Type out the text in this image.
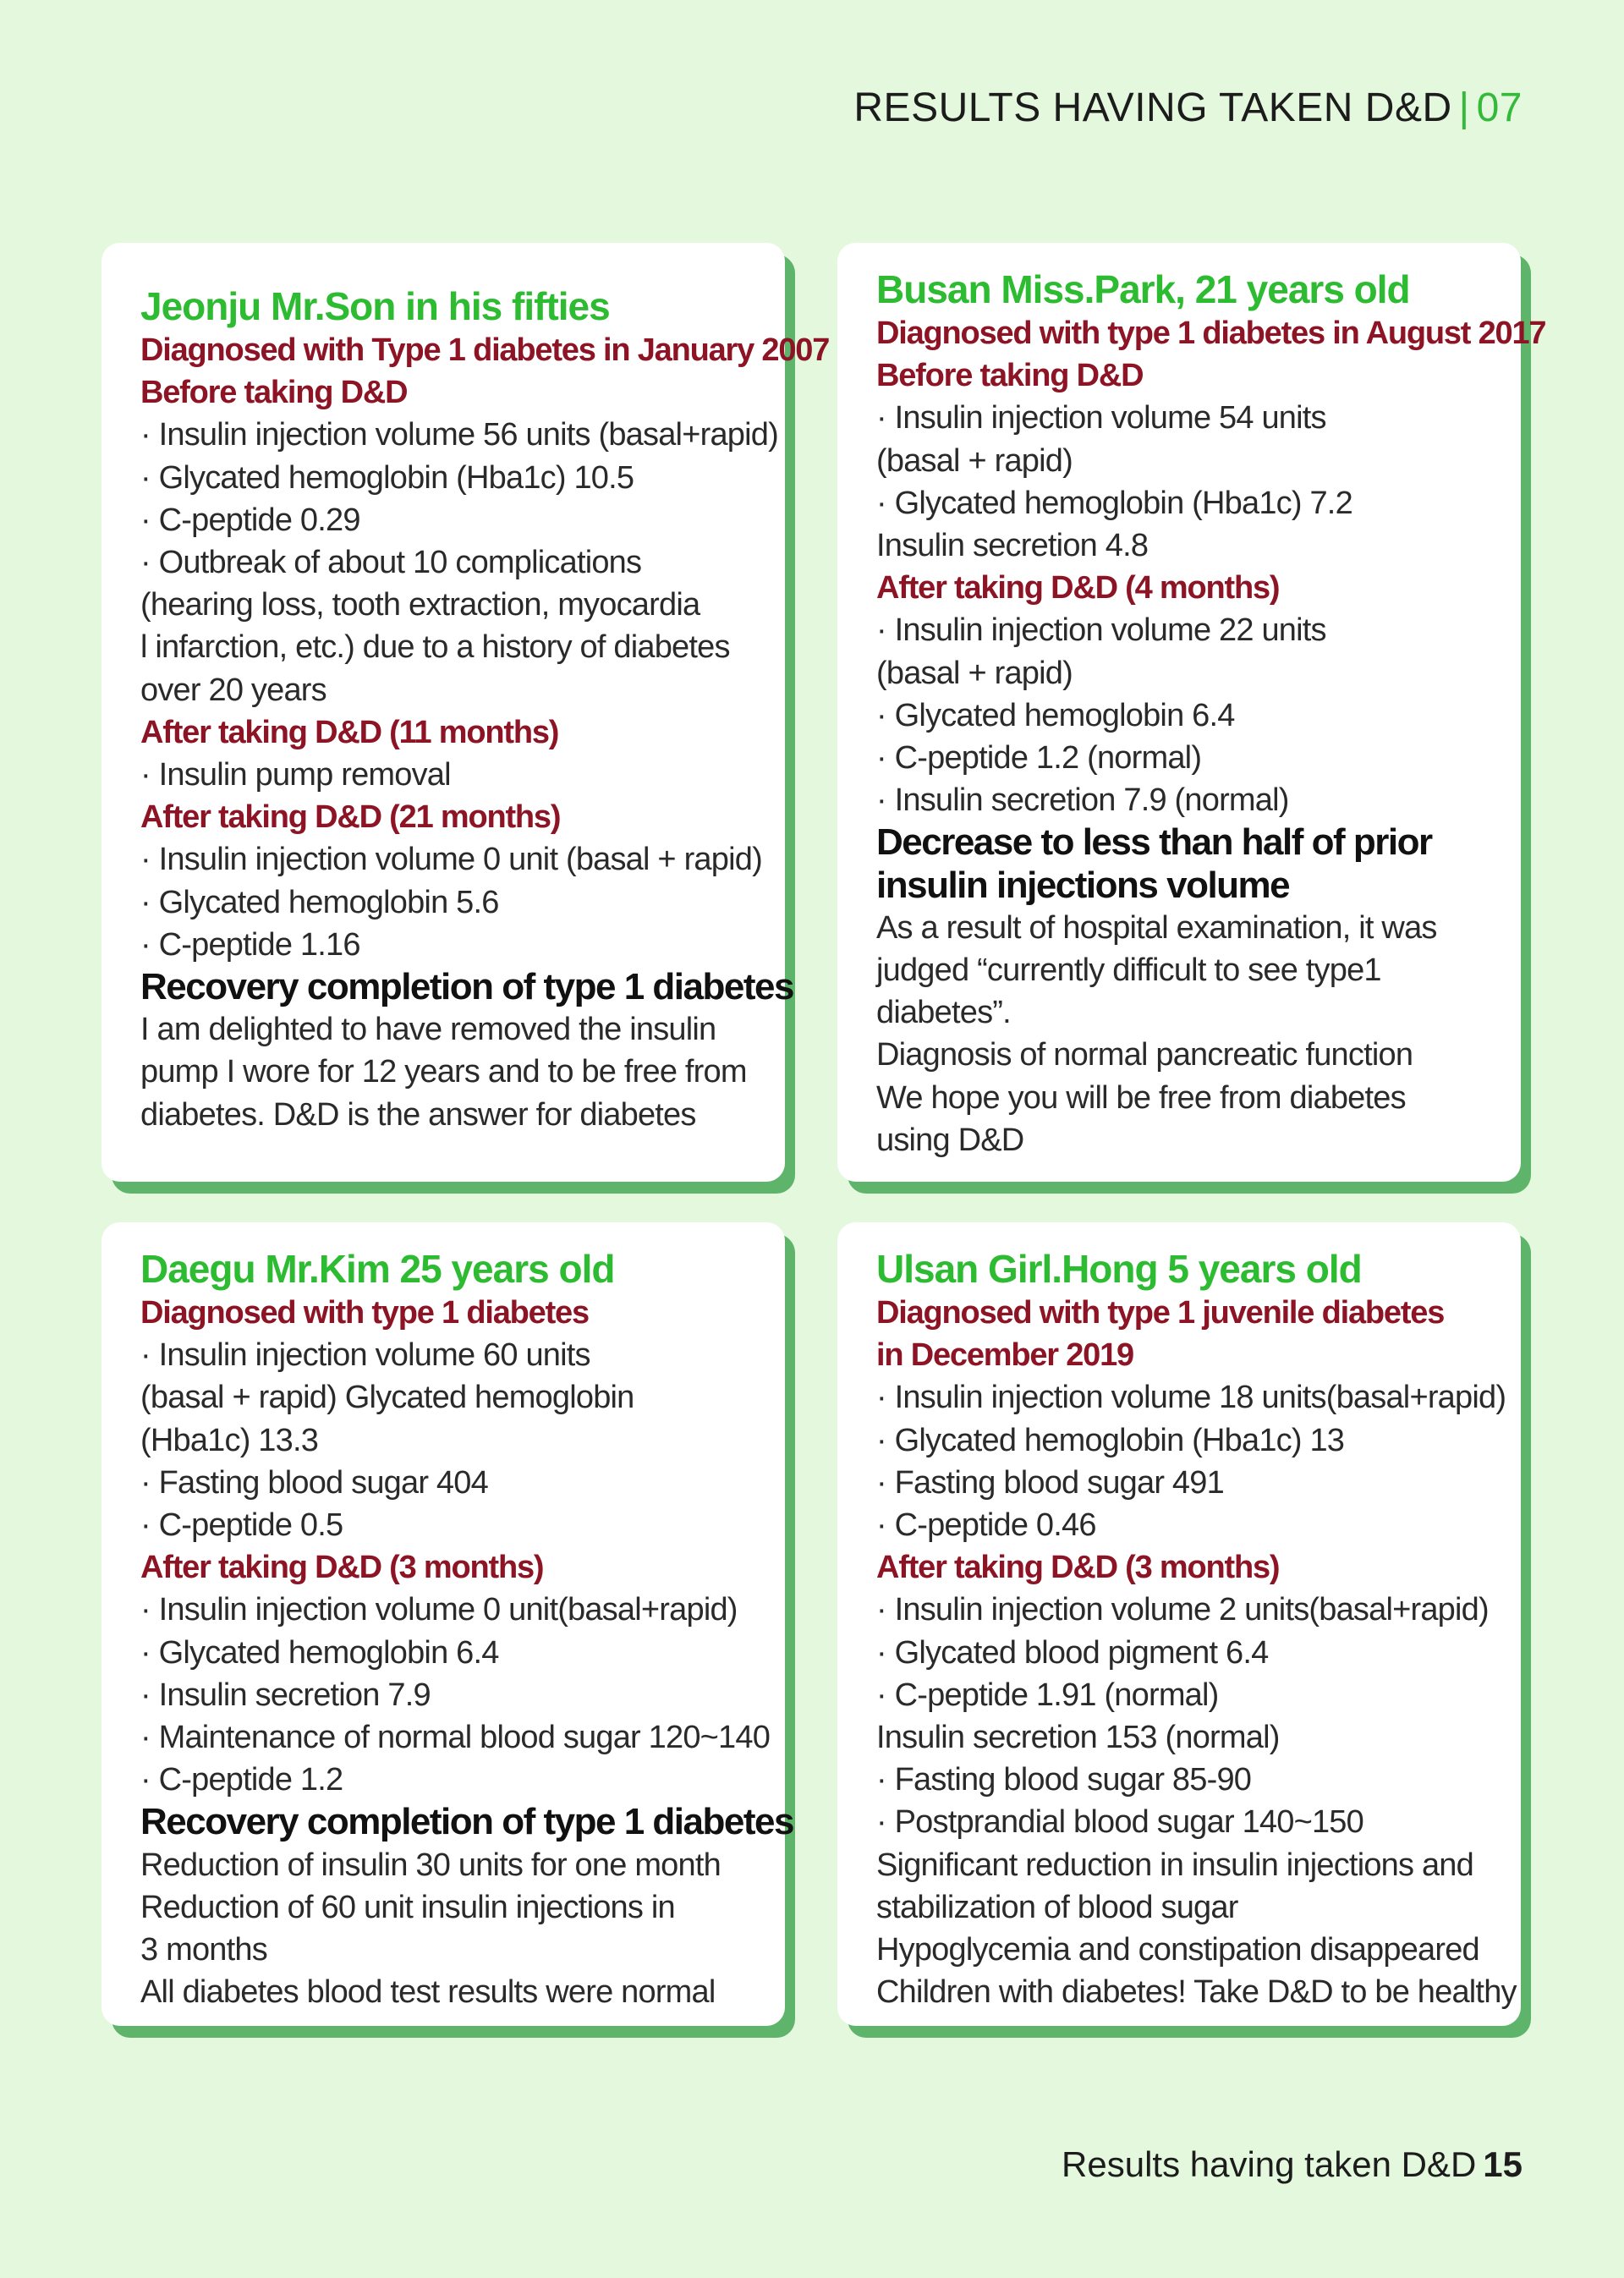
RESULTS HAVING TAKEN D&D | 07
Jeonju Mr.Son in his fifties
Diagnosed with Type 1 diabetes in January 2007
Before taking D&D
· Insulin injection volume 56 units (basal+rapid)
· Glycated hemoglobin (Hba1c) 10.5
· C-peptide 0.29
· Outbreak of about 10 complications
(hearing loss, tooth extraction, myocardia
l infarction, etc.) due to a history of diabetes
over 20 years
After taking D&D (11 months)
· Insulin pump removal
After taking D&D (21 months)
· Insulin injection volume 0 unit (basal + rapid)
· Glycated hemoglobin 5.6
· C-peptide 1.16
Recovery completion of type 1 diabetes
I am delighted to have removed the insulin
pump I wore for 12 years and to be free from
diabetes. D&D is the answer for diabetes
Busan Miss.Park, 21 years old
Diagnosed with type 1 diabetes in August 2017
Before taking D&D
· Insulin injection volume 54 units
(basal + rapid)
· Glycated hemoglobin (Hba1c) 7.2
Insulin secretion 4.8
After taking D&D (4 months)
· Insulin injection volume 22 units
(basal + rapid)
· Glycated hemoglobin 6.4
· C-peptide 1.2 (normal)
· Insulin secretion 7.9 (normal)
Decrease to less than half of prior
insulin injections volume
As a result of hospital examination, it was
judged “currently difficult to see type1
diabetes”.
Diagnosis of normal pancreatic function
We hope you will be free from diabetes
using D&D
Daegu Mr.Kim 25 years old
Diagnosed with type 1 diabetes
· Insulin injection volume 60 units
(basal + rapid) Glycated hemoglobin
(Hba1c) 13.3
· Fasting blood sugar 404
· C-peptide 0.5
After taking D&D (3 months)
· Insulin injection volume 0 unit(basal+rapid)
· Glycated hemoglobin 6.4
· Insulin secretion 7.9
· Maintenance of normal blood sugar 120~140
· C-peptide 1.2
Recovery completion of type 1 diabetes
Reduction of insulin 30 units for one month
Reduction of 60 unit insulin injections in
3 months
All diabetes blood test results were normal
Ulsan Girl.Hong 5 years old
Diagnosed with type 1 juvenile diabetes
in December 2019
· Insulin injection volume 18 units(basal+rapid)
· Glycated hemoglobin (Hba1c) 13
· Fasting blood sugar 491
· C-peptide 0.46
After taking D&D (3 months)
· Insulin injection volume 2 units(basal+rapid)
· Glycated blood pigment 6.4
· C-peptide 1.91 (normal)
Insulin secretion 153 (normal)
· Fasting blood sugar 85-90
· Postprandial blood sugar 140~150
Significant reduction in insulin injections and
stabilization of blood sugar
Hypoglycemia and constipation disappeared
Children with diabetes! Take D&D to be healthy
Results having taken D&D 15
